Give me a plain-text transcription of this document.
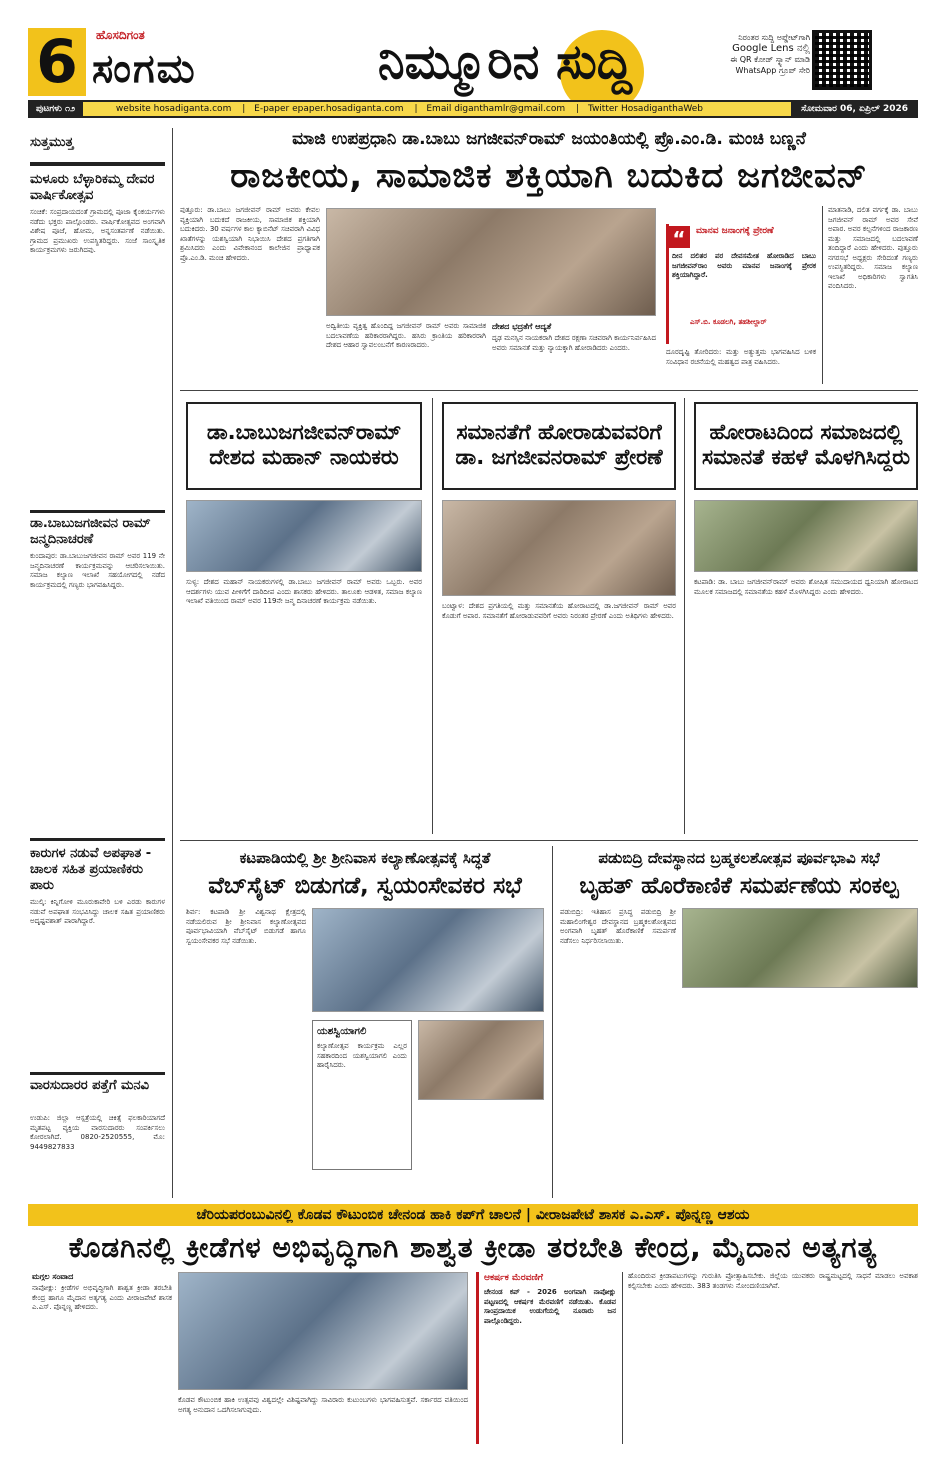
6	ಹೊಸದಿಗಂತ
ಸಂಗಮ	ನಿಮ್ಮೂರಿನ ಸುದ್ದಿ	ನಿರಂತರ ಸುದ್ದಿ ಅಪ್ಡೇಟ್‌ಗಾಗಿ
Google Lens ನಲ್ಲಿ
ಈ QR ಕೋಡ್ ಸ್ಕ್ಯಾನ್ ಮಾಡಿ
WhatsApp ಗ್ರೂಪ್ ಸೇರಿ
ಪುಟಗಳು ೧೨	website hosadiganta.com | E-paper epaper.hosadiganta.com | Email diganthamlr@gmail.com | Twitter HosadiganthaWeb	ಸೋಮವಾರ 06, ಏಪ್ರಿಲ್ 2026
ಸುತ್ತಮುತ್ತ
ಮಳೂರು ಬೆಳ್ಳಾರಿಕಮ್ಮ ದೇವರ ವಾರ್ಷಿಕೋತ್ಸವ
ಸಂಚಿಕೆ: ಸಂಪ್ರದಾಯದಂತೆ ಗ್ರಾಮದಲ್ಲಿ ಪೂಜಾ ಕೈಂಕರ್ಯಗಳು ನಡೆದು ಭಕ್ತರು ಪಾಲ್ಗೊಂಡರು. ವಾರ್ಷಿಕೋತ್ಸವದ ಅಂಗವಾಗಿ ವಿಶೇಷ ಪೂಜೆ, ಹೋಮ, ಅನ್ನಸಂತರ್ಪಣೆ ನಡೆಯಿತು. ಗ್ರಾಮದ ಪ್ರಮುಖರು ಉಪಸ್ಥಿತರಿದ್ದರು. ಸಂಜೆ ಸಾಂಸ್ಕೃತಿಕ ಕಾರ್ಯಕ್ರಮಗಳು ಜರುಗಿದವು.
ಡಾ.ಬಾಬುಜಗಜೀವನ ರಾಮ್ ಜನ್ಮದಿನಾಚರಣೆ
ಕುಂದಾಪುರ: ಡಾ.ಬಾಬುಜಗಜೀವನ ರಾಮ್ ಅವರ 119 ನೇ ಜನ್ಮದಿನಾಚರಣೆ ಕಾರ್ಯಕ್ರಮವನ್ನು ಆಚರಿಸಲಾಯಿತು. ಸಮಾಜ ಕಲ್ಯಾಣ ಇಲಾಖೆ ಸಹಯೋಗದಲ್ಲಿ ನಡೆದ ಕಾರ್ಯಕ್ರಮದಲ್ಲಿ ಗಣ್ಯರು ಭಾಗವಹಿಸಿದ್ದರು.
ಕಾರುಗಳ ನಡುವೆ ಅಪಘಾತ - ಚಾಲಕ ಸಹಿತ ಪ್ರಯಾಣಿಕರು ಪಾರು
ಮುಲ್ಕಿ: ಕಿನ್ನಿಗೋಳಿ ಮೂರುಕಾವೇರಿ ಬಳಿ ಎರಡು ಕಾರುಗಳ ನಡುವೆ ಅಪಘಾತ ಸಂಭವಿಸಿದ್ದು ಚಾಲಕ ಸಹಿತ ಪ್ರಯಾಣಿಕರು ಅದೃಷ್ಟವಶಾತ್ ಪಾರಾಗಿದ್ದಾರೆ.
ವಾರಸುದಾರರ ಪತ್ತೆಗೆ ಮನವಿ
ಉಡುಪಿ: ಜಿಲ್ಲಾ ಆಸ್ಪತ್ರೆಯಲ್ಲಿ ಚಿಕಿತ್ಸೆ ಫಲಕಾರಿಯಾಗದೆ ಮೃತಪಟ್ಟ ವ್ಯಕ್ತಿಯ ವಾರಸುದಾರರು ಸಂಪರ್ಕಿಸಲು ಕೋರಲಾಗಿದೆ. 0820-2520555, ಮೊ: 9449827833
ಮಾಜಿ ಉಪಪ್ರಧಾನಿ ಡಾ.ಬಾಬು ಜಗಜೀವನ್‌ರಾಮ್ ಜಯಂತಿಯಲ್ಲಿ ಪ್ರೊ.ಎಂ.ಡಿ. ಮಂಚಿ ಬಣ್ಣನೆ
ರಾಜಕೀಯ, ಸಾಮಾಜಿಕ ಶಕ್ತಿಯಾಗಿ ಬದುಕಿದ ಜಗಜೀವನ್
ಪುತ್ತೂರು: ಡಾ.ಬಾಬು ಜಗಜೀವನ್ ರಾಮ್ ಅವರು ಕೇವಲ ವ್ಯಕ್ತಿಯಾಗಿ ಬದುಕದೆ ರಾಜಕೀಯ, ಸಾಮಾಜಿಕ ಶಕ್ತಿಯಾಗಿ ಬದುಕಿದರು. 30 ವರ್ಷಗಳ ಕಾಲ ಕ್ಯಾಬಿನೆಟ್ ಸಚಿವರಾಗಿ ವಿವಿಧ ಖಾತೆಗಳನ್ನು ಯಶಸ್ವಿಯಾಗಿ ನಿಭಾಯಿಸಿ ದೇಶದ ಪ್ರಗತಿಗಾಗಿ ಶ್ರಮಿಸಿದರು ಎಂದು ವಿವೇಕಾನಂದ ಕಾಲೇಜಿನ ಪ್ರಾಧ್ಯಾಪಕ ಪ್ರೊ.ಎಂ.ಡಿ. ಮಂಚಿ ಹೇಳಿದರು.
ಅದ್ವಿತೀಯ ವ್ಯಕ್ತಿತ್ವ ಹೊಂದಿದ್ದ ಜಗಜೀವನ್ ರಾಮ್ ಅವರು ಸಾಮಾಜಿಕ ಬದಲಾವಣೆಯ ಹರಿಕಾರರಾಗಿದ್ದರು. ಹಸಿರು ಕ್ರಾಂತಿಯ ಹರಿಕಾರರಾಗಿ ದೇಶದ ಆಹಾರ ಸ್ವಾವಲಂಬನೆಗೆ ಕಾರಣರಾದರು.
ದೇಶದ ಭದ್ರತೆಗೆ ಆದ್ಯತೆ
ದೃಢ ಮನಸ್ಸಿನ ನಾಯಕರಾಗಿ ದೇಶದ ರಕ್ಷಣಾ ಸಚಿವರಾಗಿ ಕಾರ್ಯನಿರ್ವಹಿಸಿದ ಅವರು ಸಮಾನತೆ ಮತ್ತು ನ್ಯಾಯಕ್ಕಾಗಿ ಹೋರಾಡಿದರು ಎಂದರು.
“	ಮಾನವ ಜನಾಂಗಕ್ಕೆ ಪ್ರೇರಣೆ
ದೀನ ದಲಿತರ ಪರ ದೇವಸಮೇತ ಹೋರಾಡಿದ ಬಾಬು ಜಗಜೀವನ್‌ರಾಂ ಅವರು ಮಾನವ ಜನಾಂಗಕ್ಕೆ ಪ್ರೇರಕ ಶಕ್ತಿಯಾಗಿದ್ದಾರೆ.
ಎಸ್.ಬಿ. ಕೂಡಲಗಿ, ತಹಶೀಲ್ದಾರ್
ದೂರದೃಷ್ಟಿ ತೋರಿದರು: ಮತ್ತು ಅತ್ಯುತ್ತಮ ಭಾಗವಹಿಸಿದ ಬಳಿಕ ಸಂವಿಧಾನ ರಚನೆಯಲ್ಲಿ ಮಹತ್ವದ ಪಾತ್ರ ವಹಿಸಿದರು.
ಮಾತನಾಡಿ, ದಲಿತ ವರ್ಗಕ್ಕೆ ಡಾ. ಬಾಬು ಜಗಜೀವನ್ ರಾಮ್ ಅವರ ಸೇವೆ ಅಪಾರ. ಅವರ ಕಲ್ಪನೆಗಳಿಂದ ರಾಜಕಾರಣ ಮತ್ತು ಸಮಾಜದಲ್ಲಿ ಬದಲಾವಣೆ ತಂದಿದ್ದಾರೆ ಎಂದು ಹೇಳಿದರು. ಪುತ್ತೂರು ನಗರಸಭೆ ಅಧ್ಯಕ್ಷರು ಸೇರಿದಂತೆ ಗಣ್ಯರು ಉಪಸ್ಥಿತರಿದ್ದರು. ಸಮಾಜ ಕಲ್ಯಾಣ ಇಲಾಖೆ ಅಧಿಕಾರಿಗಳು ಸ್ವಾಗತಿಸಿ ವಂದಿಸಿದರು.
ಡಾ.ಬಾಬುಜಗಜೀವನ್‌ರಾಮ್ ದೇಶದ ಮಹಾನ್ ನಾಯಕರು
ಸುಳ್ಯ: ದೇಶದ ಮಹಾನ್ ನಾಯಕರುಗಳಲ್ಲಿ ಡಾ.ಬಾಬು ಜಗಜೀವನ್ ರಾಮ್ ಅವರು ಒಬ್ಬರು. ಅವರ ಆದರ್ಶಗಳು ಯುವ ಪೀಳಿಗೆಗೆ ದಾರಿದೀಪ ಎಂದು ಶಾಸಕರು ಹೇಳಿದರು. ತಾಲೂಕು ಆಡಳಿತ, ಸಮಾಜ ಕಲ್ಯಾಣ ಇಲಾಖೆ ವತಿಯಿಂದ ರಾಮ್ ಅವರ 119ನೇ ಜನ್ಮ ದಿನಾಚರಣೆ ಕಾರ್ಯಕ್ರಮ ನಡೆಯಿತು.
ಸಮಾನತೆಗೆ ಹೋರಾಡುವವರಿಗೆ ಡಾ. ಜಗಜೀವನರಾಮ್ ಪ್ರೇರಣೆ
ಬಂಟ್ವಾಳ: ದೇಶದ ಪ್ರಗತಿಯಲ್ಲಿ ಮತ್ತು ಸಮಾನತೆಯ ಹೋರಾಟದಲ್ಲಿ ಡಾ.ಜಗಜೀವನ್ ರಾಮ್ ಅವರ ಕೊಡುಗೆ ಅಪಾರ. ಸಮಾನತೆಗೆ ಹೋರಾಡುವವರಿಗೆ ಅವರು ನಿರಂತರ ಪ್ರೇರಣೆ ಎಂದು ಅತಿಥಿಗಳು ಹೇಳಿದರು.
ಹೋರಾಟದಿಂದ ಸಮಾಜದಲ್ಲಿ ಸಮಾನತೆ ಕಹಳೆ ಮೊಳಗಿಸಿದ್ದರು
ಕಟಪಾಡಿ: ಡಾ. ಬಾಬು ಜಗಜೀವನ್‌ರಾಮ್ ಅವರು ಶೋಷಿತ ಸಮುದಾಯದ ಧ್ವನಿಯಾಗಿ ಹೋರಾಟದ ಮೂಲಕ ಸಮಾಜದಲ್ಲಿ ಸಮಾನತೆಯ ಕಹಳೆ ಮೊಳಗಿಸಿದ್ದರು ಎಂದು ಹೇಳಿದರು.
ಕಟಪಾಡಿಯಲ್ಲಿ ಶ್ರೀ ಶ್ರೀನಿವಾಸ ಕಲ್ಯಾಣೋತ್ಸವಕ್ಕೆ ಸಿದ್ಧತೆ
ವೆಬ್‌ಸೈಟ್ ಬಿಡುಗಡೆ, ಸ್ವಯಂಸೇವಕರ ಸಭೆ
ಶಿರ್ವ: ಕಟಪಾಡಿ ಶ್ರೀ ವಿಶ್ವನಾಥ ಕ್ಷೇತ್ರದಲ್ಲಿ ನಡೆಯಲಿರುವ ಶ್ರೀ ಶ್ರೀನಿವಾಸ ಕಲ್ಯಾಣೋತ್ಸವದ ಪೂರ್ವಭಾವಿಯಾಗಿ ವೆಬ್‌ಸೈಟ್ ಬಿಡುಗಡೆ ಹಾಗೂ ಸ್ವಯಂಸೇವಕರ ಸಭೆ ನಡೆಯಿತು.
ಯಶಸ್ವಿಯಾಗಲಿ
ಕಲ್ಯಾಣೋತ್ಸವ ಕಾರ್ಯಕ್ರಮ ಎಲ್ಲರ ಸಹಕಾರದಿಂದ ಯಶಸ್ವಿಯಾಗಲಿ ಎಂದು ಹಾರೈಸಿದರು.
ಪಡುಬಿದ್ರಿ ದೇವಸ್ಥಾನದ ಬ್ರಹ್ಮಕಲಶೋತ್ಸವ ಪೂರ್ವಭಾವಿ ಸಭೆ
ಬೃಹತ್ ಹೊರೆಕಾಣಿಕೆ ಸಮರ್ಪಣೆಯ ಸಂಕಲ್ಪ
ಪಡುಬಿದ್ರಿ: ಇತಿಹಾಸ ಪ್ರಸಿದ್ಧ ಪಡುಬಿದ್ರಿ ಶ್ರೀ ಮಹಾಲಿಂಗೇಶ್ವರ ದೇವಸ್ಥಾನದ ಬ್ರಹ್ಮಕಲಶೋತ್ಸವದ ಅಂಗವಾಗಿ ಬೃಹತ್ ಹೊರೆಕಾಣಿಕೆ ಸಮರ್ಪಣೆ ನಡೆಸಲು ನಿರ್ಧರಿಸಲಾಯಿತು.
ಚೆರಿಯಪರಂಬುವಿನಲ್ಲಿ ಕೊಡವ ಕೌಟುಂಬಿಕ ಚೇನಂಡ ಹಾಕಿ ಕಪ್‌ಗೆ ಚಾಲನೆ | ವೀರಾಜಪೇಟೆ ಶಾಸಕ ಎ.ಎಸ್. ಪೊನ್ನಣ್ಣ ಆಶಯ
ಕೊಡಗಿನಲ್ಲಿ ಕ್ರೀಡೆಗಳ ಅಭಿವೃದ್ಧಿಗಾಗಿ ಶಾಶ್ವತ ಕ್ರೀಡಾ ತರಬೇತಿ ಕೇಂದ್ರ, ಮೈದಾನ ಅತ್ಯಗತ್ಯ
ಮಗ್ಗಲ ಸಂವಾದ
ನಾಪೋಕ್ಲು: ಕ್ರೀಡೆಗಳ ಅಭಿವೃದ್ಧಿಗಾಗಿ ಶಾಶ್ವತ ಕ್ರೀಡಾ ತರಬೇತಿ ಕೇಂದ್ರ ಹಾಗೂ ಮೈದಾನ ಅತ್ಯಗತ್ಯ ಎಂದು ವೀರಾಜಪೇಟೆ ಶಾಸಕ ಎ.ಎಸ್. ಪೊನ್ನಣ್ಣ ಹೇಳಿದರು.
ಕೊಡವ ಕೌಟುಂಬಿಕ ಹಾಕಿ ಉತ್ಸವವು ವಿಶ್ವದಲ್ಲೇ ವಿಶಿಷ್ಟವಾಗಿದ್ದು ಸಾವಿರಾರು ಕುಟುಂಬಗಳು ಭಾಗವಹಿಸುತ್ತವೆ. ಸರ್ಕಾರದ ವತಿಯಿಂದ ಅಗತ್ಯ ಅನುದಾನ ಒದಗಿಸಲಾಗುವುದು.
ಆಕರ್ಷಕ ಮೆರವಣಿಗೆ
ಚೇನಂಡ ಕಪ್ - 2026 ಅಂಗವಾಗಿ ನಾಪೋಕ್ಲು ಪಟ್ಟಣದಲ್ಲಿ ಆಕರ್ಷಕ ಮೆರವಣಿಗೆ ನಡೆಯಿತು. ಕೊಡವ ಸಾಂಪ್ರದಾಯಿಕ ಉಡುಗೆಯಲ್ಲಿ ನೂರಾರು ಜನ ಪಾಲ್ಗೊಂಡಿದ್ದರು.
ಹೊಂದಿರುವ ಕ್ರೀಡಾಪಟುಗಳನ್ನು ಗುರುತಿಸಿ ಪ್ರೋತ್ಸಾಹಿಸಬೇಕು. ಜಿಲ್ಲೆಯ ಯುವಕರು ರಾಷ್ಟ್ರಮಟ್ಟದಲ್ಲಿ ಸಾಧನೆ ಮಾಡಲು ಅವಕಾಶ ಕಲ್ಪಿಸಬೇಕು ಎಂದು ಹೇಳಿದರು. 383 ತಂಡಗಳು ನೋಂದಣಿಯಾಗಿವೆ.
